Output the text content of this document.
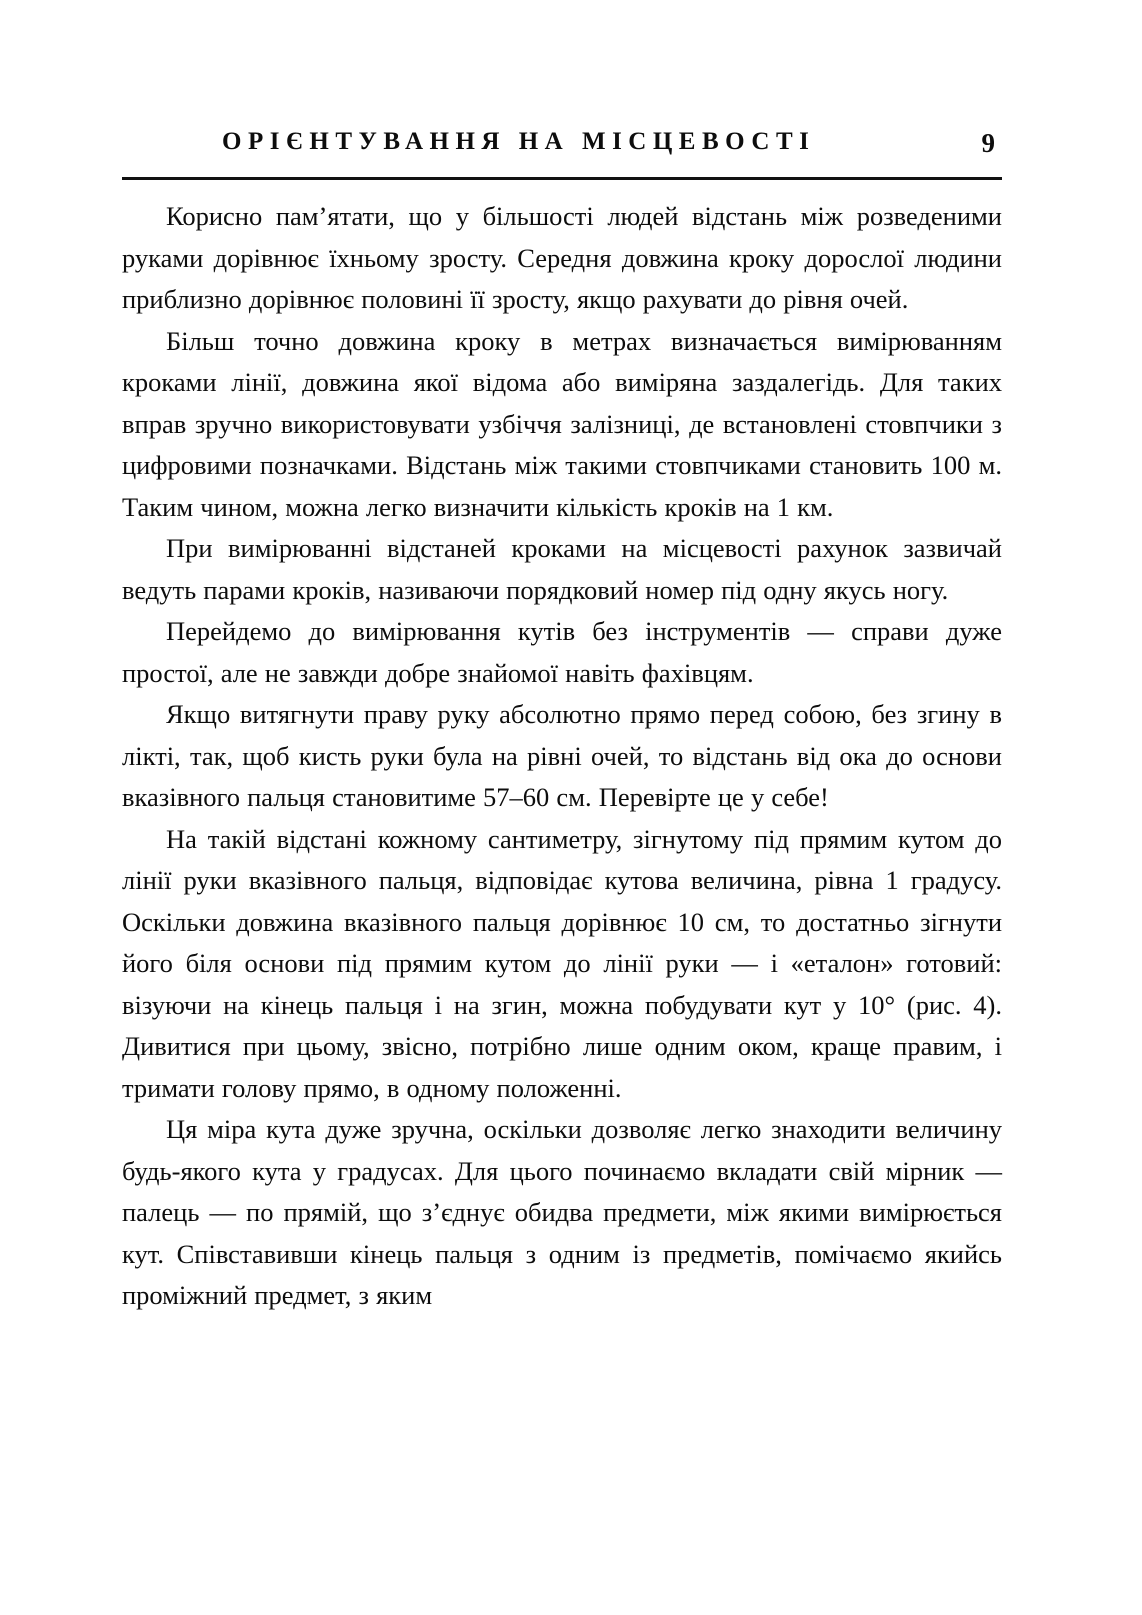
ОРІЄНТУВАННЯ НА МІСЦЕВОСТІ	9

Корисно пам’ятати, що у більшості людей відстань між розведеними руками дорівнює їхньому зросту. Середня довжина кроку дорослої людини приблизно дорівнює половині її зросту, якщо рахувати до рівня очей.

Більш точно довжина кроку в метрах визначається вимірюванням кроками лінії, довжина якої відома або виміряна заздалегідь. Для таких вправ зручно використовувати узбіччя залізниці, де встановлені стовпчики з цифровими позначками. Відстань між такими стовпчиками становить 100 м. Таким чином, можна легко визначити кількість кроків на 1 км.

При вимірюванні відстаней кроками на місцевості рахунок зазвичай ведуть парами кроків, називаючи порядковий номер під одну якусь ногу.

Перейдемо до вимірювання кутів без інструментів — справи дуже простої, але не завжди добре знайомої навіть фахівцям.

Якщо витягнути праву руку абсолютно прямо перед собою, без згину в лікті, так, щоб кисть руки була на рівні очей, то відстань від ока до основи вказівного пальця становитиме 57–60 см. Перевірте це у себе!

На такій відстані кожному сантиметру, зігнутому під прямим кутом до лінії руки вказівного пальця, відповідає кутова величина, рівна 1 градусу. Оскільки довжина вказівного пальця дорівнює 10 см, то достатньо зігнути його біля основи під прямим кутом до лінії руки — і «еталон» готовий: візуючи на кінець пальця і на згин, можна побудувати кут у 10° (рис. 4). Дивитися при цьому, звісно, потрібно лише одним оком, краще правим, і тримати голову прямо, в одному положенні.

Ця міра кута дуже зручна, оскільки дозволяє легко знаходити величину будь-якого кута у градусах. Для цього починаємо вкладати свій мірник — палець — по прямій, що з’єднує обидва предмети, між якими вимірюється кут. Співставивши кінець пальця з одним із предметів, помічаємо якийсь проміжний предмет, з яким
